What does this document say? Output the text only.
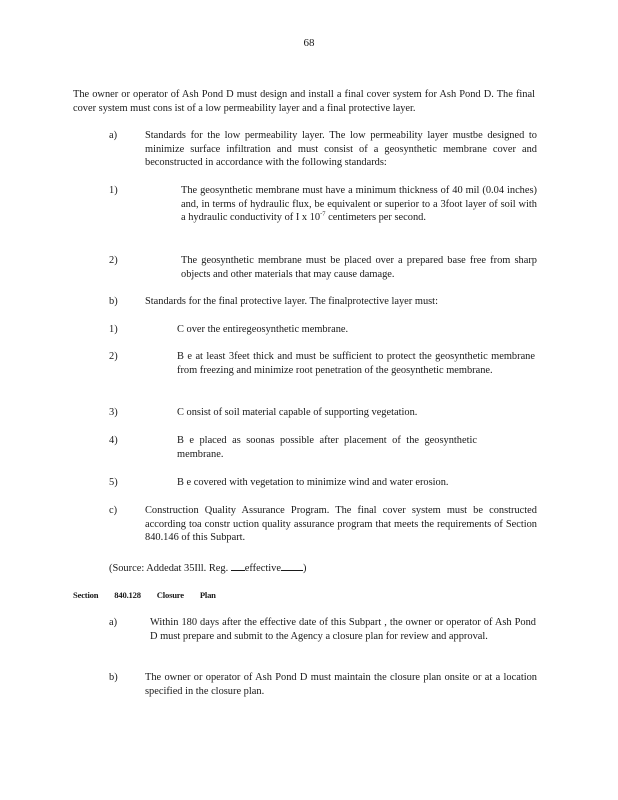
68
The owner or operator of Ash Pond D must design and install a final cover system for Ash Pond D. The final cover system must cons ist of a low permeability layer and a final protective layer.
a)	Standards for the low permeability layer. The low permeability layer mustbe designed to minimize surface infiltration and must consist of a geosynthetic membrane cover and beconstructed in accordance with the following standards:
1)	The geosynthetic membrane must have a minimum thickness of 40 mil (0.04 inches) and, in terms of hydraulic flux, be equivalent or superior to a 3foot layer of soil with a hydraulic conductivity of I x $10^{-7}$ centimeters per second.
2)	The geosynthetic membrane must be placed over a prepared base free from sharp objects and other materials that may cause damage.
b)	Standards for the final protective layer. The finalprotective layer must:
1)	C over the entiregeosynthetic membrane.
2)	B e at least 3feet thick and must be sufficient to protect the geosynthetic membrane from freezing and minimize root penetration of the geosynthetic membrane.
3)	C onsist of soil material capable of supporting vegetation.
4)	B e placed as soonas possible after placement of the geosynthetic membrane.
5)	B e covered with vegetation to minimize wind and water erosion.
c)	Construction Quality Assurance Program. The final cover system must be constructed according toa constr uction quality assurance program that meets the requirements of Section 840.146 of this Subpart.
(Source: Addedat 35Ill. Reg. effective )
Section 840.128 Closure Plan
a)	Within 180 days after the effective date of this Subpart , the owner or operator of Ash Pond D must prepare and submit to the Agency a closure plan for review and approval.
b)	The owner or operator of Ash Pond D must maintain the closure plan onsite or at a location specified in the closure plan.
